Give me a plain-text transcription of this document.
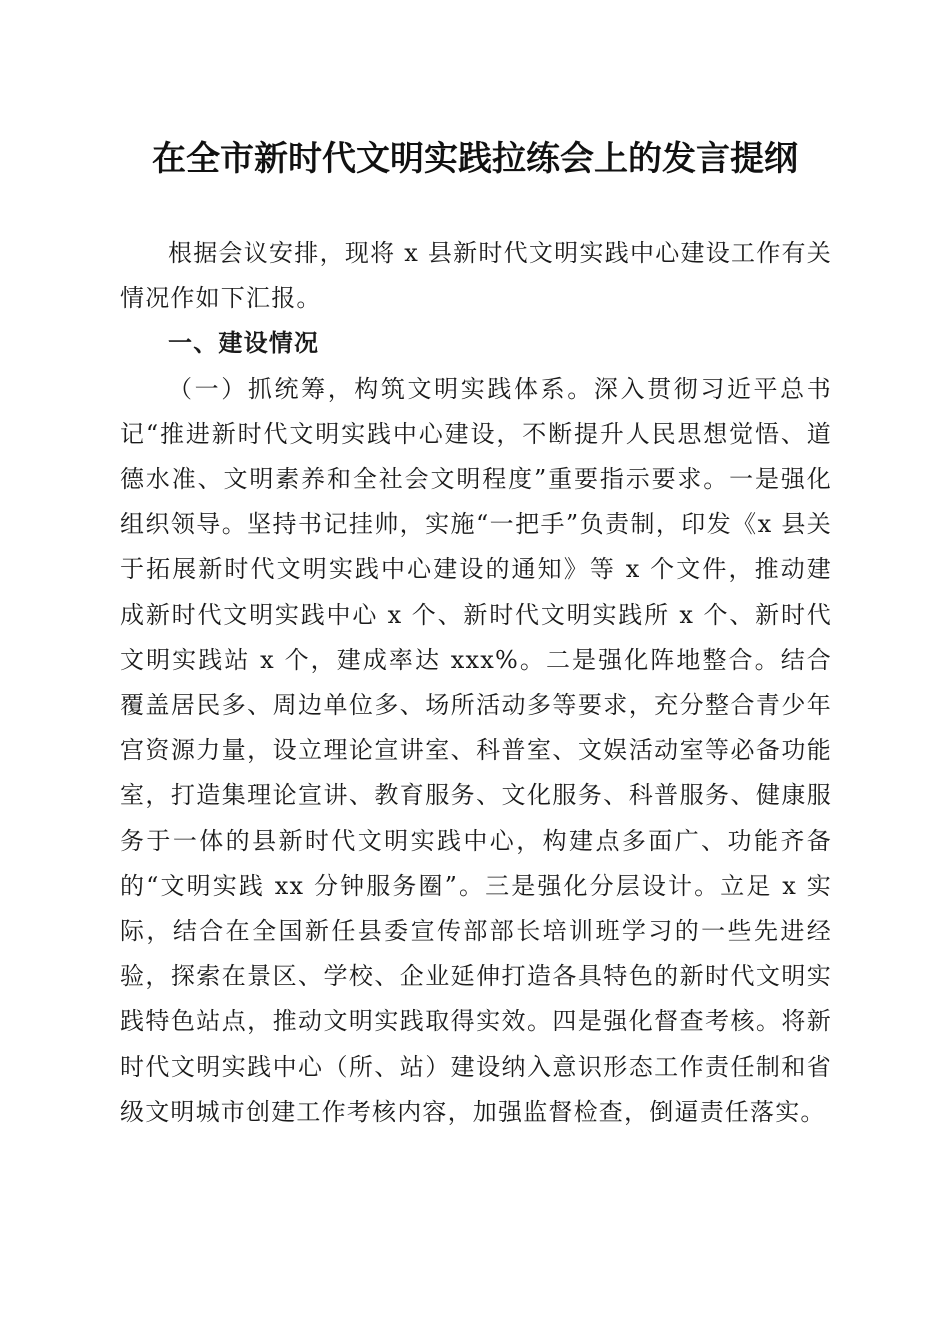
在全市新时代文明实践拉练会上的发言提纲

根据会议安排，现将 x 县新时代文明实践中心建设工作有关情况作如下汇报。

一、建设情况

（一）抓统筹，构筑文明实践体系。深入贯彻习近平总书记“推进新时代文明实践中心建设，不断提升人民思想觉悟、道德水准、文明素养和全社会文明程度”重要指示要求。一是强化组织领导。坚持书记挂帅，实施“一把手”负责制，印发《x 县关于拓展新时代文明实践中心建设的通知》等 x 个文件，推动建成新时代文明实践中心 x 个、新时代文明实践所 x 个、新时代文明实践站 x 个，建成率达 xxx%。二是强化阵地整合。结合覆盖居民多、周边单位多、场所活动多等要求，充分整合青少年宫资源力量，设立理论宣讲室、科普室、文娱活动室等必备功能室，打造集理论宣讲、教育服务、文化服务、科普服务、健康服务于一体的县新时代文明实践中心，构建点多面广、功能齐备的“文明实践 xx 分钟服务圈”。三是强化分层设计。立足 x 实际，结合在全国新任县委宣传部部长培训班学习的一些先进经验，探索在景区、学校、企业延伸打造各具特色的新时代文明实践特色站点，推动文明实践取得实效。四是强化督查考核。将新时代文明实践中心（所、站）建设纳入意识形态工作责任制和省级文明城市创建工作考核内容，加强监督检查，倒逼责任落实。
